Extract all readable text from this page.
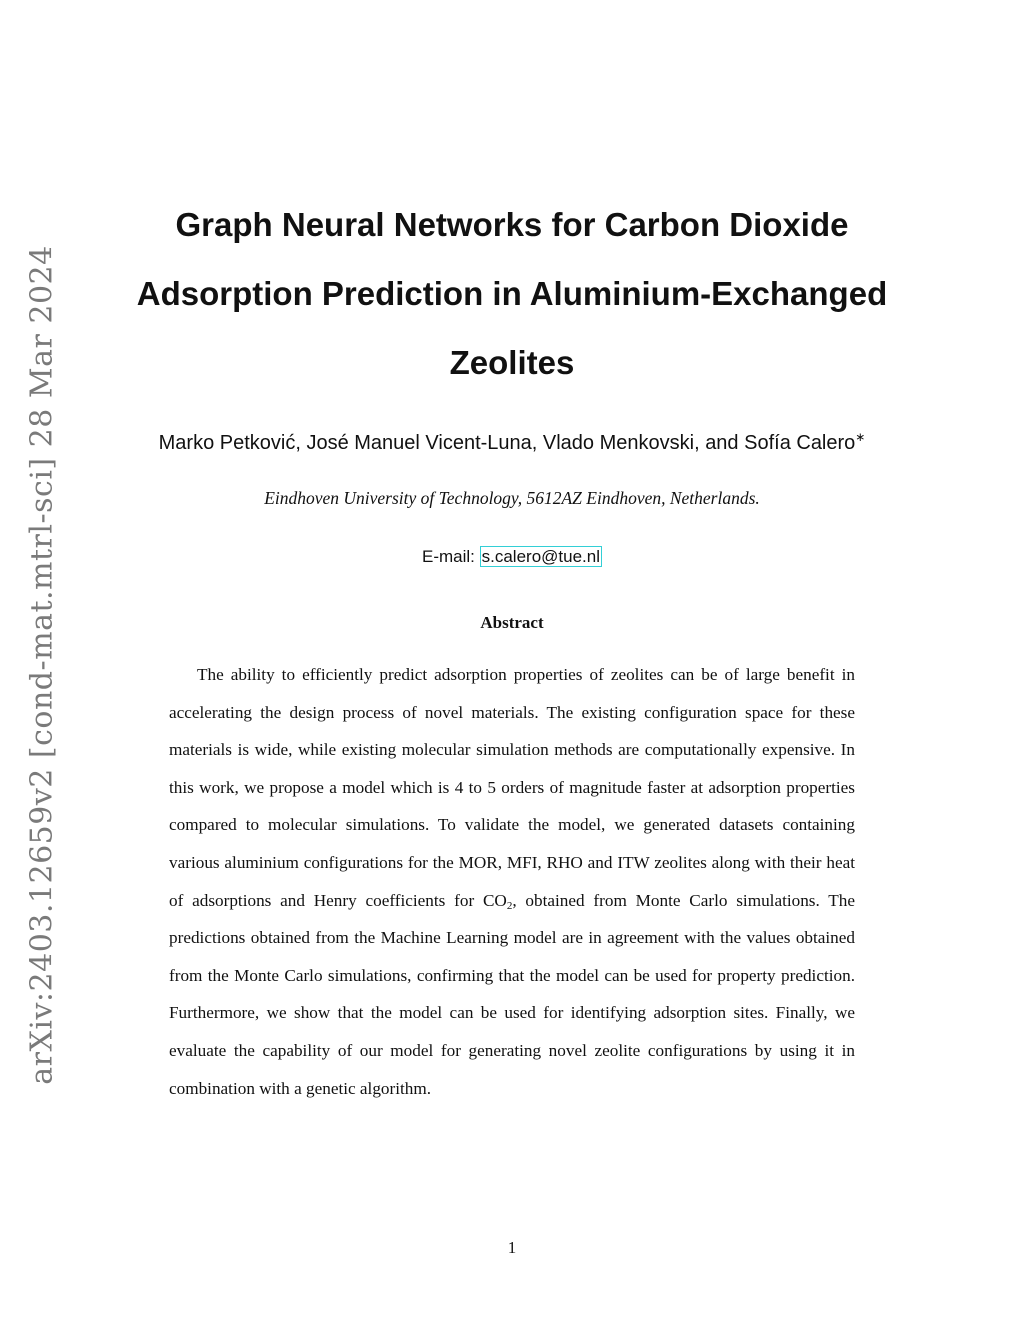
arXiv:2403.12659v2 [cond-mat.mtrl-sci] 28 Mar 2024
Graph Neural Networks for Carbon Dioxide Adsorption Prediction in Aluminium-Exchanged Zeolites
Marko Petković, José Manuel Vicent-Luna, Vlado Menkovski, and Sofía Calero∗
Eindhoven University of Technology, 5612AZ Eindhoven, Netherlands.
E-mail: s.calero@tue.nl
Abstract

The ability to efficiently predict adsorption properties of zeolites can be of large benefit in accelerating the design process of novel materials. The existing configuration space for these materials is wide, while existing molecular simulation methods are computationally expensive. In this work, we propose a model which is 4 to 5 orders of magnitude faster at adsorption properties compared to molecular simulations. To validate the model, we generated datasets containing various aluminium configurations for the MOR, MFI, RHO and ITW zeolites along with their heat of adsorptions and Henry coefficients for $CO_2$, obtained from Monte Carlo simulations. The predictions obtained from the Machine Learning model are in agreement with the values obtained from the Monte Carlo simulations, confirming that the model can be used for property prediction. Furthermore, we show that the model can be used for identifying adsorption sites. Finally, we evaluate the capability of our model for generating novel zeolite configurations by using it in combination with a genetic algorithm.

1
